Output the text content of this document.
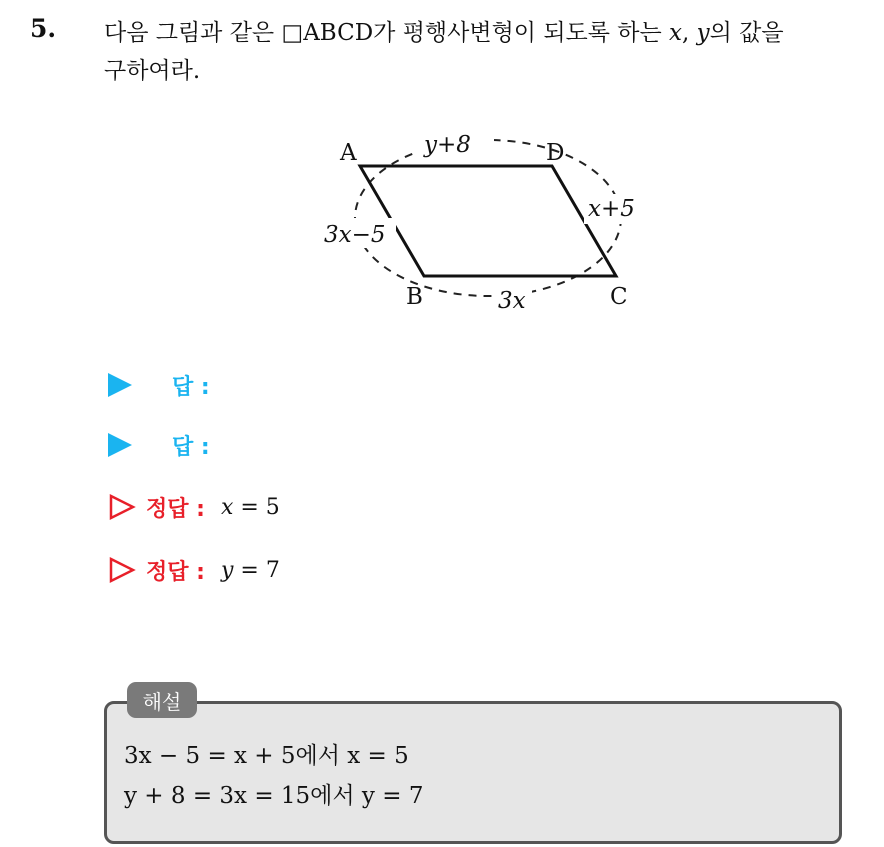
5. 다음 그림과 같은 □ABCD가 평행사변형이 되도록 하는 x, y의 값을
구하여라.
A	D
B	C
y+8
3x−5
x+5
3x
답 :
답 :
정답 : x = 5
정답 : y = 7
해설
3x − 5 = x + 5에서 x = 5
y + 8 = 3x = 15에서 y = 7
